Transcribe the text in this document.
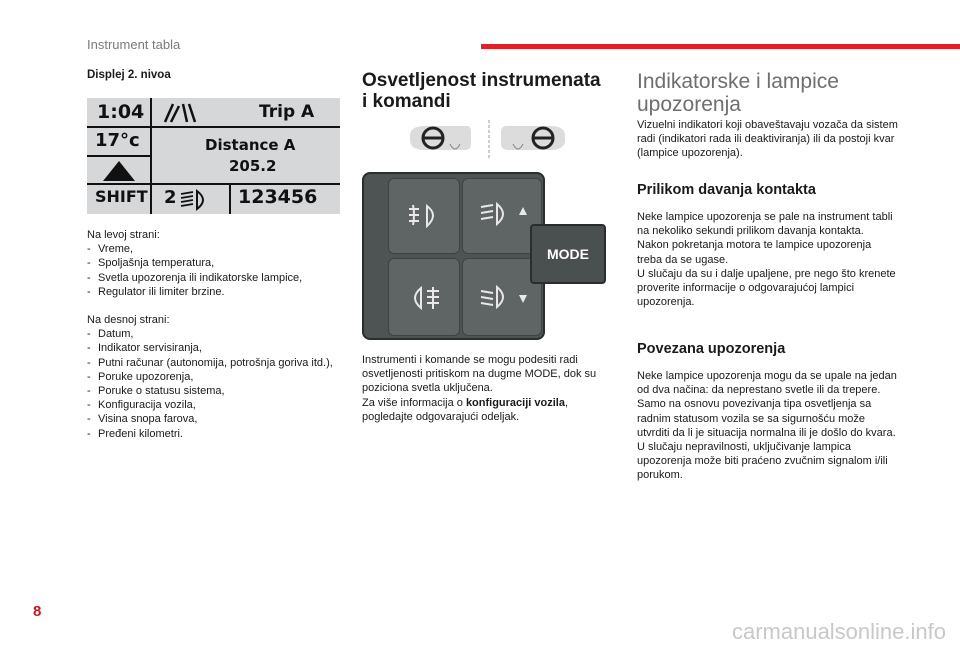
Instrument tabla

Displej 2. nivoa

1:04
17°c
Trip A
Distance A
205.2
SHIFT 2	123456

Na levoj strani:

- Vreme,
- Spoljašnja temperatura,
- Svetla upozorenja ili indikatorske lampice,
- Regulator ili limiter brzine.

Na desnoj strani:

- Datum,
- Indikator servisiranja,
- Putni računar (autonomija, potrošnja goriva itd.),
- Poruke upozorenja,
- Poruke o statusu sistema,
- Konfiguracija vozila,
- Visina snopa farova,
- Pređeni kilometri.

Osvetljenost instrumenata

i komandi

MODE

Instrumenti i komande se mogu podesiti radi osvetljenosti pritiskom na dugme MODE, dok su poziciona svetla uključena.

Za više informacija o konfiguraciji vozila,

pogledajte odgovarajući odeljak.

Indikatorske i lampice

upozorenja

Vizuelni indikatori koji obaveštavaju vozača da sistem radi (indikatori rada ili deaktiviranja) ili da postoji kvar (lampice upozorenja).

Prilikom davanja kontakta

Neke lampice upozorenja se pale na instrument tabli na nekoliko sekundi prilikom davanja kontakta.

Nakon pokretanja motora te lampice upozorenja treba da se ugase.

U slučaju da su i dalje upaljene, pre nego što krenete proverite informacije o odgovarajućoj lampici upozorenja.

Povezana upozorenja

Neke lampice upozorenja mogu da se upale na jedan od dva načina: da neprestano svetle ili da trepere.

Samo na osnovu povezivanja tipa osvetljenja sa radnim statusom vozila se sa sigurnošću može utvrditi da li je situacija normalna ili je došlo do kvara.

U slučaju nepravilnosti, uključivanje lampica upozorenja može biti praćeno zvučnim signalom i/ili porukom.

8
carmanualsonline.info
